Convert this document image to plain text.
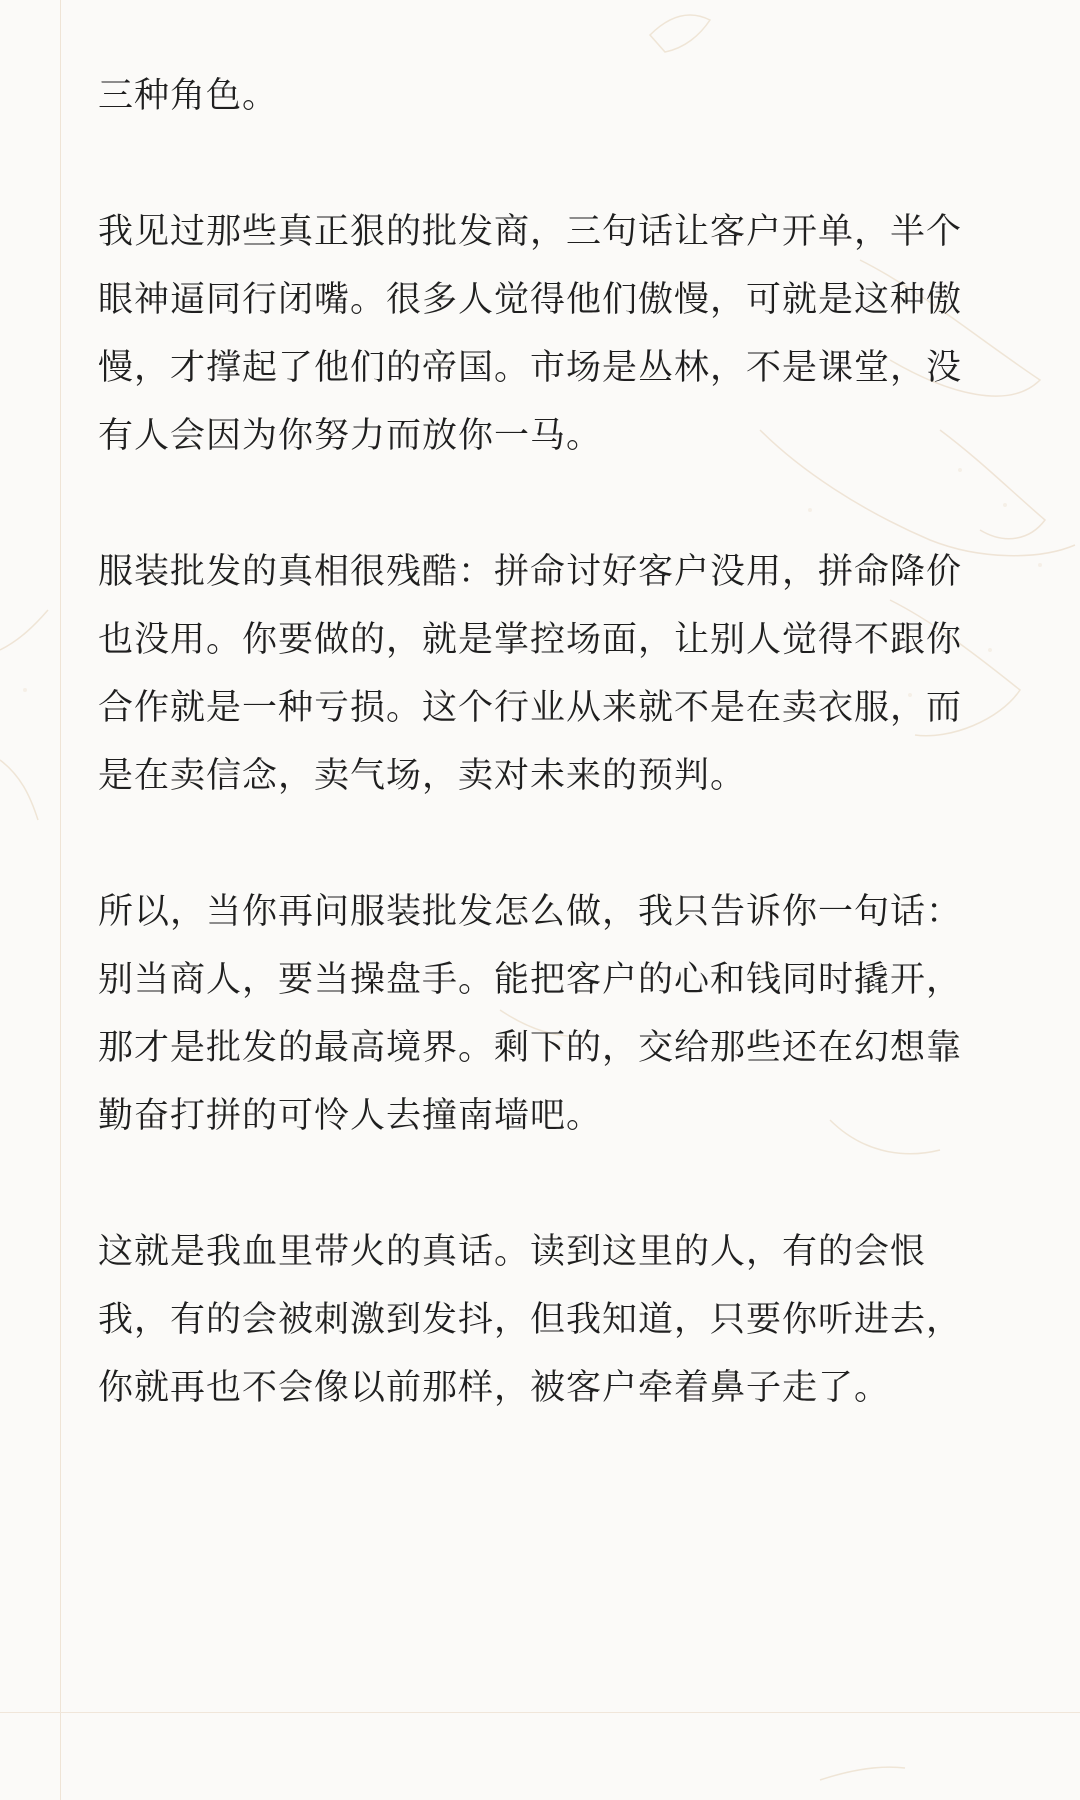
三种角色。

我见过那些真正狠的批发商，三句话让客户开单，半个
眼神逼同行闭嘴。很多人觉得他们傲慢，可就是这种傲
慢，才撑起了他们的帝国。市场是丛林，不是课堂，没
有人会因为你努力而放你一马。

服装批发的真相很残酷：拼命讨好客户没用，拼命降价
也没用。你要做的，就是掌控场面，让别人觉得不跟你
合作就是一种亏损。这个行业从来就不是在卖衣服，而
是在卖信念，卖气场，卖对未来的预判。

所以，当你再问服装批发怎么做，我只告诉你一句话：
别当商人，要当操盘手。能把客户的心和钱同时撬开，
那才是批发的最高境界。剩下的，交给那些还在幻想靠
勤奋打拼的可怜人去撞南墙吧。

这就是我血里带火的真话。读到这里的人，有的会恨
我，有的会被刺激到发抖，但我知道，只要你听进去，
你就再也不会像以前那样，被客户牵着鼻子走了。
